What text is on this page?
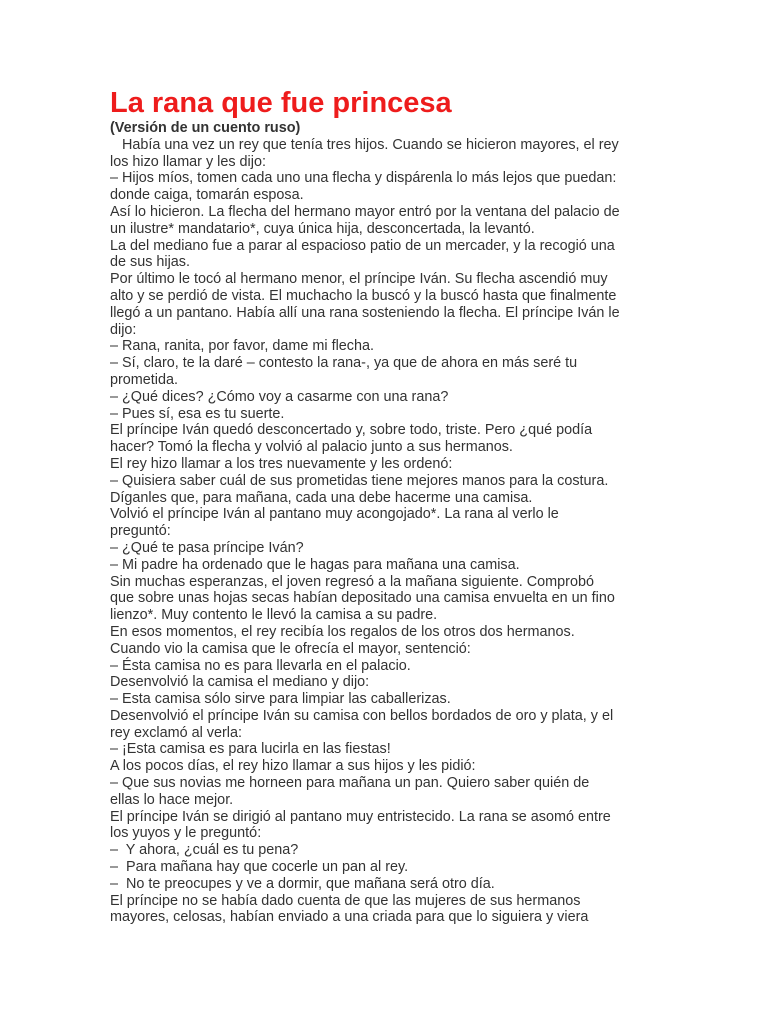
La rana que fue princesa

(Versión de un cuento ruso)

Había una vez un rey que tenía tres hijos. Cuando se hicieron mayores, el rey

los hizo llamar y les dijo:

– Hijos míos, tomen cada uno una flecha y dispárenla lo más lejos que puedan:

donde caiga, tomarán esposa.

Así lo hicieron. La flecha del hermano mayor entró por la ventana del palacio de

un ilustre* mandatario*, cuya única hija, desconcertada, la levantó.

La del mediano fue a parar al espacioso patio de un mercader, y la recogió una

de sus hijas.

Por último le tocó al hermano menor, el príncipe Iván. Su flecha ascendió muy

alto y se perdió de vista. El muchacho la buscó y la buscó hasta que finalmente

llegó a un pantano. Había allí una rana sosteniendo la flecha. El príncipe Iván le

dijo:

– Rana, ranita, por favor, dame mi flecha.

– Sí, claro, te la daré – contesto la rana-, ya que de ahora en más seré tu

prometida.

– ¿Qué dices? ¿Cómo voy a casarme con una rana?

– Pues sí, esa es tu suerte.

El príncipe Iván quedó desconcertado y, sobre todo, triste. Pero ¿qué podía

hacer? Tomó la flecha y volvió al palacio junto a sus hermanos.

El rey hizo llamar a los tres nuevamente y les ordenó:

– Quisiera saber cuál de sus prometidas tiene mejores manos para la costura.

Díganles que, para mañana, cada una debe hacerme una camisa.

Volvió el príncipe Iván al pantano muy acongojado*. La rana al verlo le

preguntó:

– ¿Qué te pasa príncipe Iván?

– Mi padre ha ordenado que le hagas para mañana una camisa.

Sin muchas esperanzas, el joven regresó a la mañana siguiente. Comprobó

que sobre unas hojas secas habían depositado una camisa envuelta en un fino

lienzo*. Muy contento le llevó la camisa a su padre.

En esos momentos, el rey recibía los regalos de los otros dos hermanos.

Cuando vio la camisa que le ofrecía el mayor, sentenció:

– Ésta camisa no es para llevarla en el palacio.

Desenvolvió la camisa el mediano y dijo:

– Esta camisa sólo sirve para limpiar las caballerizas.

Desenvolvió el príncipe Iván su camisa con bellos bordados de oro y plata, y el

rey exclamó al verla:

– ¡Esta camisa es para lucirla en las fiestas!

A los pocos días, el rey hizo llamar a sus hijos y les pidió:

– Que sus novias me horneen para mañana un pan. Quiero saber quién de

ellas lo hace mejor.

El príncipe Iván se dirigió al pantano muy entristecido. La rana se asomó entre

los yuyos y le preguntó:

–  Y ahora, ¿cuál es tu pena?

–  Para mañana hay que cocerle un pan al rey.

–  No te preocupes y ve a dormir, que mañana será otro día.

El príncipe no se había dado cuenta de que las mujeres de sus hermanos

mayores, celosas, habían enviado a una criada para que lo siguiera y viera
